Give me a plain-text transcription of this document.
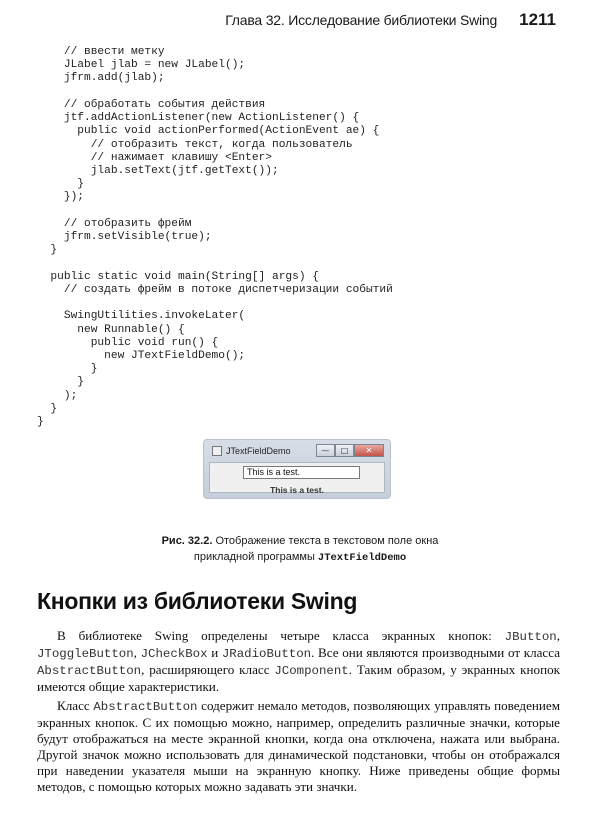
Глава 32. Исследование библиотеки Swing 1211
// ввести метку
JLabel jlab = new JLabel();
jfrm.add(jlab);

// обработать события действия
jtf.addActionListener(new ActionListener() {
public void actionPerformed(ActionEvent ae) {
// отобразить текст, когда пользователь
// нажимает клавишу <Enter>
jlab.setText(jtf.getText());
}
});

// отобразить фрейм
jfrm.setVisible(true);
}

public static void main(String[] args) {
// создать фрейм в потоке диспетчеризации событий

SwingUtilities.invokeLater(
new Runnable() {
public void run() {
new JTextFieldDemo();
}
}
);
}
}
JTextFieldDemo	—	□	✕
This is a test.
This is a test.
Рис. 32.2. Отображение текста в текстовом поле окна прикладной программы JTextFieldDemo
Кнопки из библиотеки Swing

В библиотеке Swing определены четыре класса экранных кнопок: JButton, JToggleButton, JCheckBox и JRadioButton. Все они являются производными от класса AbstractButton, расширяющего класс JComponent. Таким образом, у экранных кнопок имеются общие характеристики.

Класс AbstractButton содержит немало методов, позволяющих управлять поведением экранных кнопок. С их помощью можно, например, определить различные значки, которые будут отображаться на месте экранной кнопки, когда она отключена, нажата или выбрана. Другой значок можно использовать для динамической подстановки, чтобы он отображался при наведении указателя мыши на экранную кнопку. Ниже приведены общие формы методов, с помощью которых можно задавать эти значки.
